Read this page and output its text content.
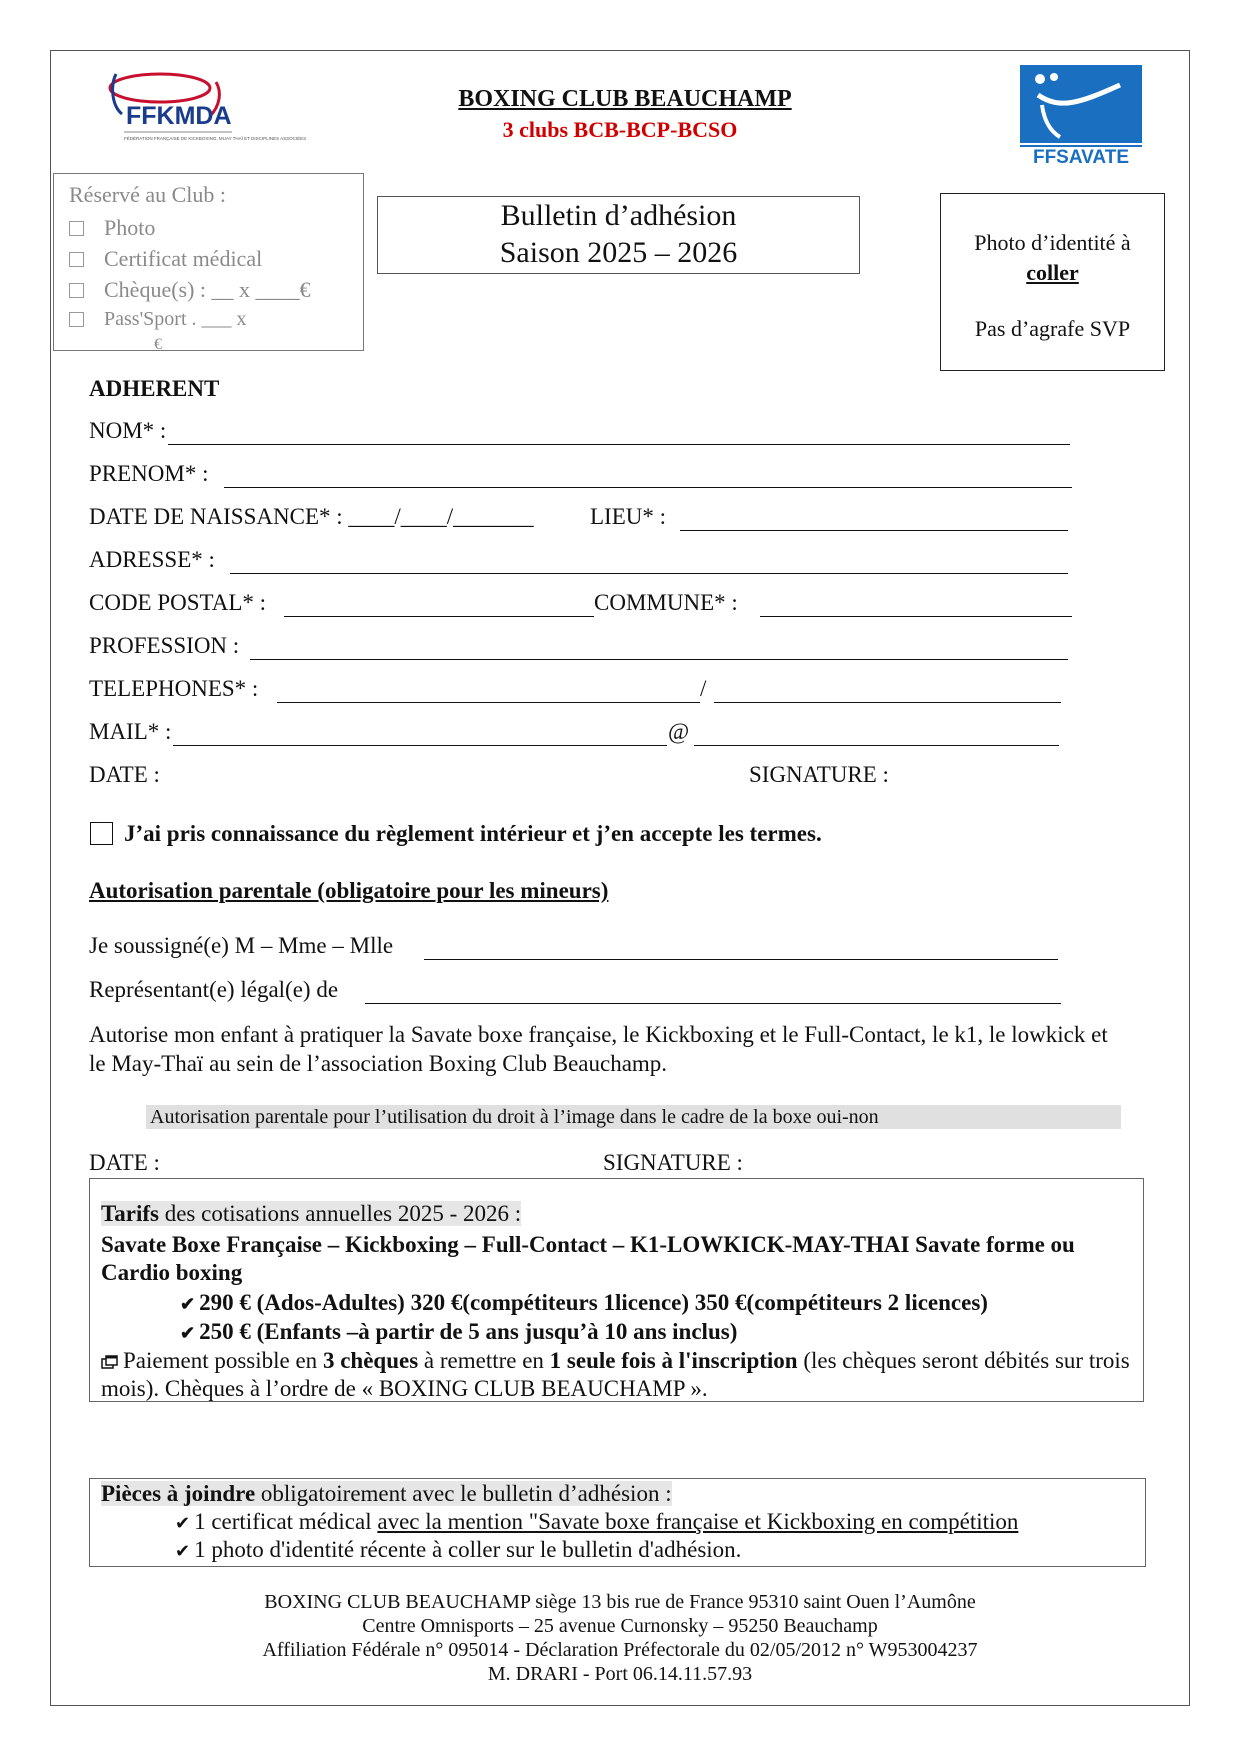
FFKMDA
FÉDÉRATION FRANÇAISE DE KICKBOXING, MUAY THAÏ ET DISCIPLINES ASSOCIÉES
BOXING CLUB BEAUCHAMP
3 clubs BCB-BCP-BCSO
FFSAVATE
Réservé au Club :
Photo
Certificat médical
Chèque(s) : __ x ____€
Pass'Sport . ___ x
€
Bulletin d’adhésion
Saison 2025 – 2026	Photo d’identité à
coller
Pas d’agrafe SVP
ADHERENT
NOM* :
PRENOM* :
DATE DE NAISSANCE* : ____/____/_______ LIEU* :
ADRESSE* :
CODE POSTAL* :	COMMUNE* :
PROFESSION :
TELEPHONES* :	/
MAIL* :	@
DATE :	SIGNATURE :
J’ai pris connaissance du règlement intérieur et j’en accepte les termes.
Autorisation parentale (obligatoire pour les mineurs)
Je soussigné(e) M – Mme – Mlle
Représentant(e) légal(e) de
Autorise mon enfant à pratiquer la Savate boxe française, le Kickboxing et le Full-Contact, le k1, le lowkick et le May-Thaï au sein de l’association Boxing Club Beauchamp.
Autorisation parentale pour l’utilisation du droit à l’image dans le cadre de la boxe oui-non
DATE :	SIGNATURE :
Tarifs des cotisations annuelles 2025 - 2026 :
Savate Boxe Française – Kickboxing – Full-Contact – K1-LOWKICK-MAY-THAI Savate forme ou Cardio boxing
✔ 290 € (Ados-Adultes) 320 €(compétiteurs 1licence) 350 €(compétiteurs 2 licences)
✔ 250 € (Enfants –à partir de 5 ans jusqu’à 10 ans inclus)
Paiement possible en 3 chèques à remettre en 1 seule fois à l'inscription (les chèques seront débités sur trois mois). Chèques à l’ordre de « BOXING CLUB BEAUCHAMP ».
Pièces à joindre obligatoirement avec le bulletin d’adhésion :
✔ 1 certificat médical avec la mention "Savate boxe française et Kickboxing en compétition
✔ 1 photo d'identité récente à coller sur le bulletin d'adhésion.
BOXING CLUB BEAUCHAMP siège 13 bis rue de France 95310 saint Ouen l’Aumône
Centre Omnisports – 25 avenue Curnonsky – 95250 Beauchamp
Affiliation Fédérale n° 095014 - Déclaration Préfectorale du 02/05/2012 n° W953004237
M. DRARI - Port 06.14.11.57.93
